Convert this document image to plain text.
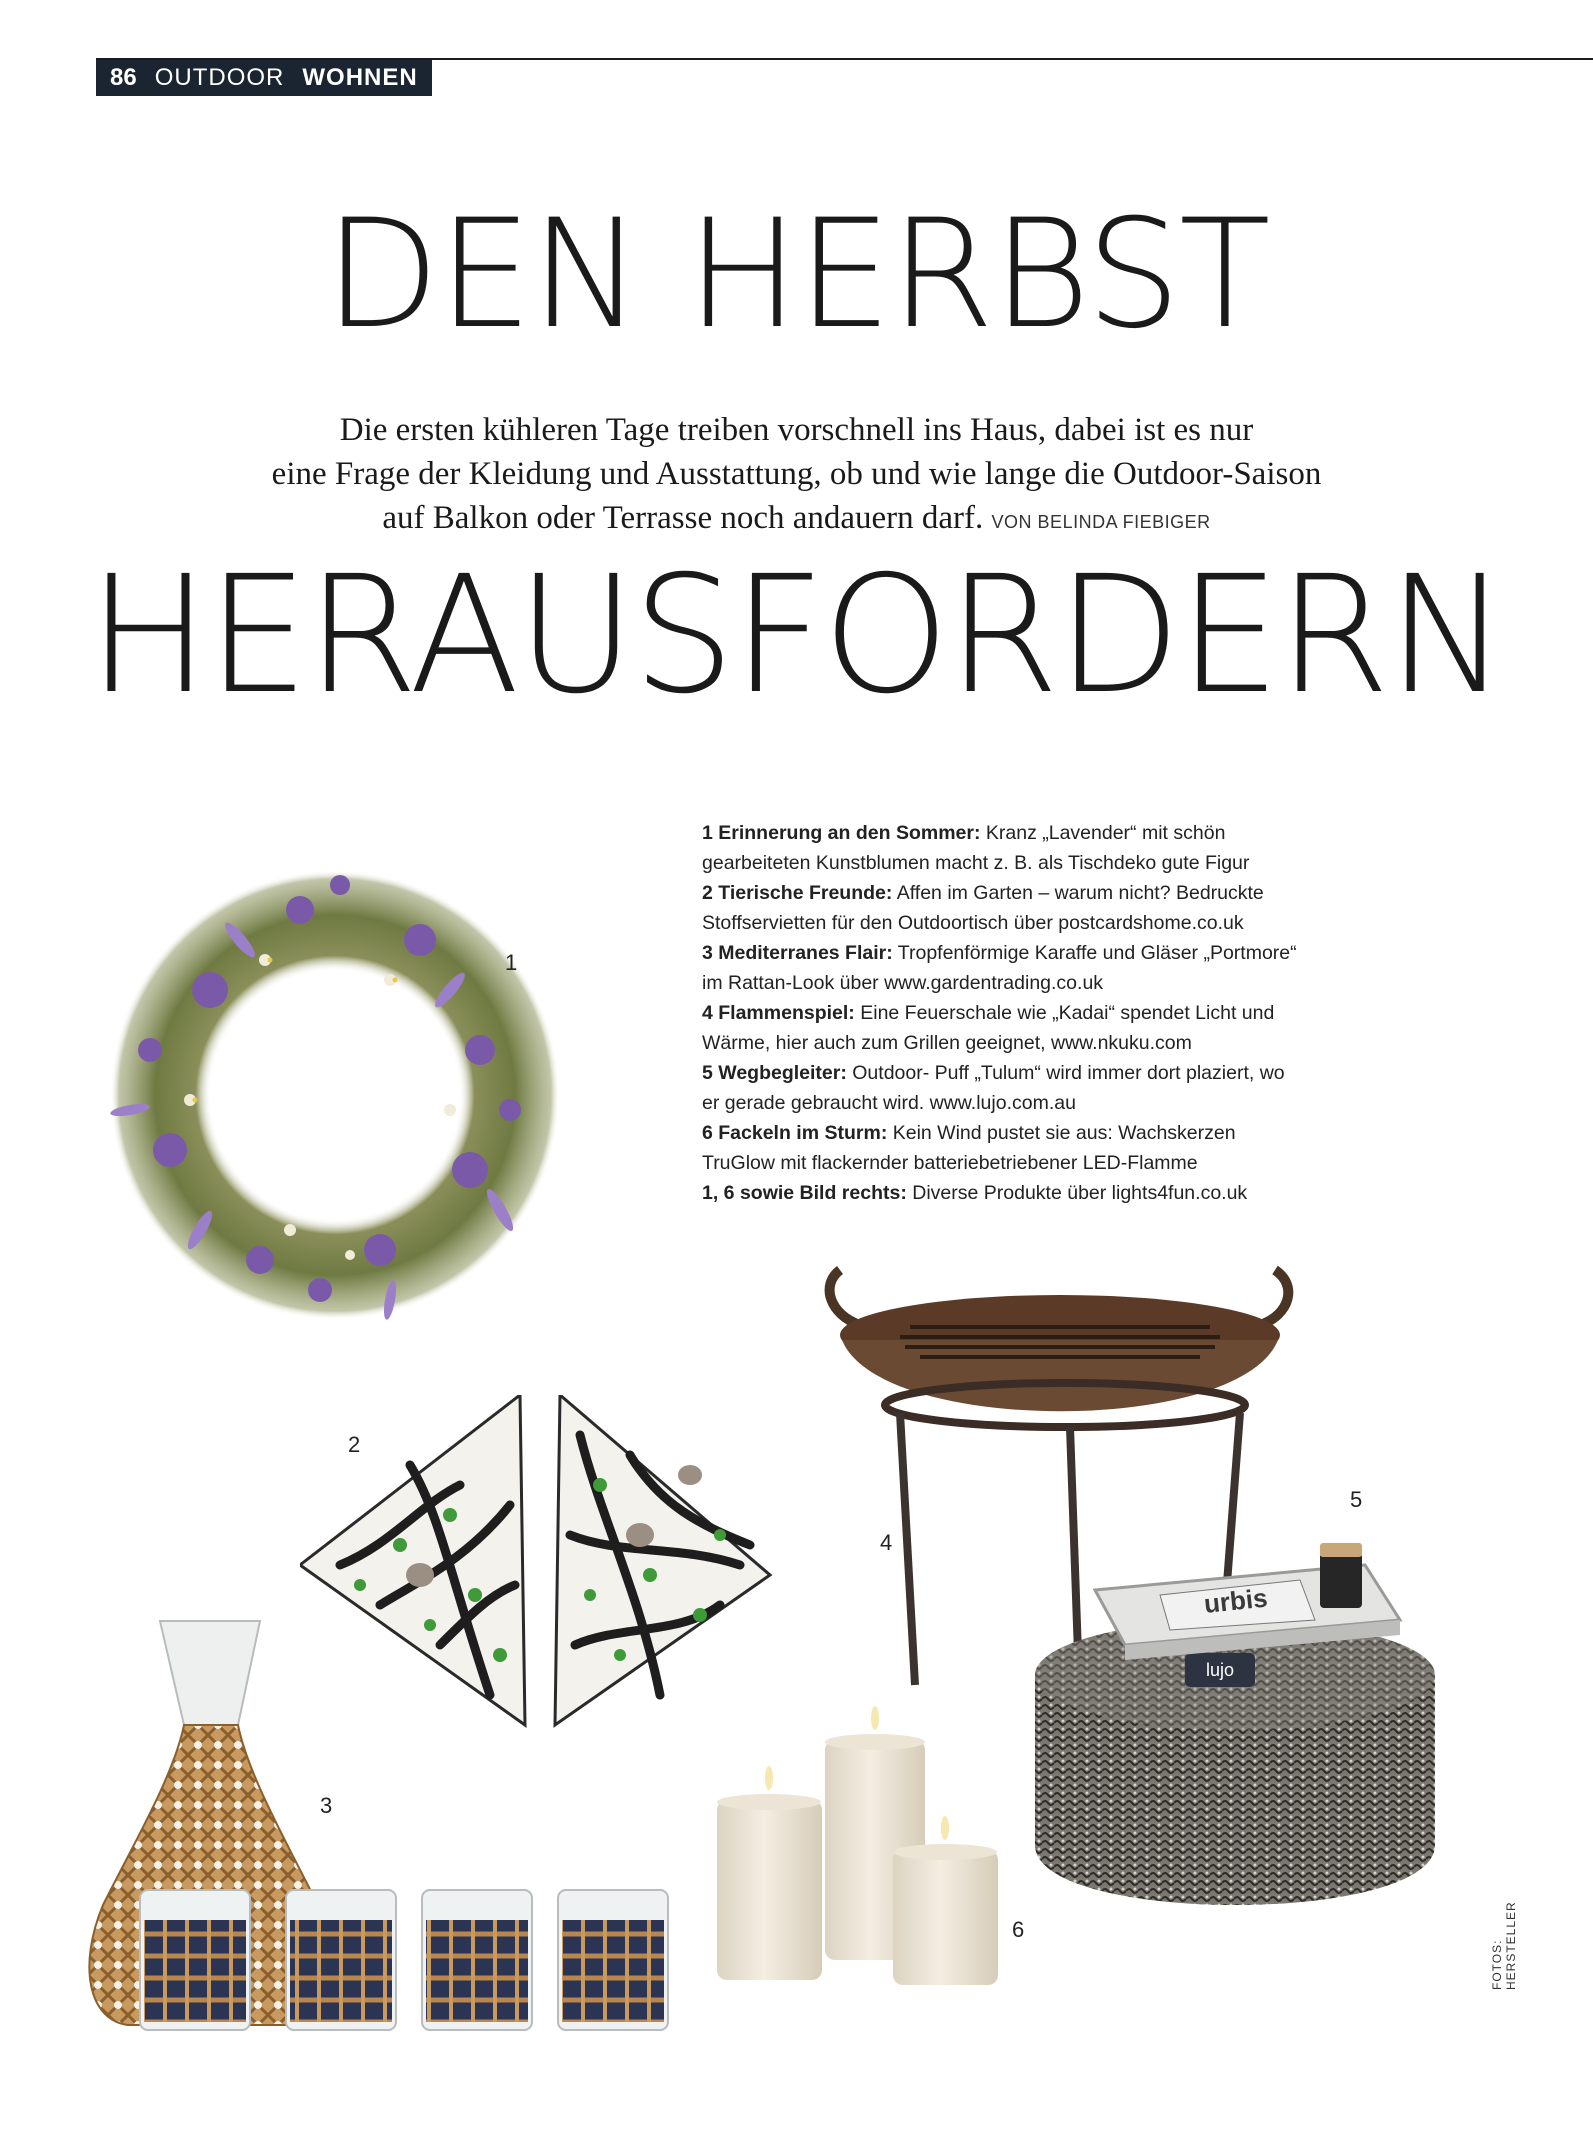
86 OUTDOOR WOHNEN
DEN HERBST
Die ersten kühleren Tage treiben vorschnell ins Haus, dabei ist es nur
eine Frage der Kleidung und Ausstattung, ob und wie lange die Outdoor-Saison
auf Balkon oder Terrasse noch andauern darf. VON BELINDA FIEBIGER
HERAUSFORDERN

1 Erinnerung an den Sommer: Kranz „Lavender“ mit schön gearbeiteten Kunstblumen macht z. B. als Tischdeko gute Figur

2 Tierische Freunde: Affen im Garten – warum nicht? Bedruckte Stoffservietten für den Outdoortisch über postcardshome.co.uk

3 Mediterranes Flair: Tropfenförmige Karaffe und Gläser „Portmore“ im Rattan-Look über www.gardentrading.co.uk

4 Flammenspiel: Eine Feuerschale wie „Kadai“ spendet Licht und Wärme, hier auch zum Grillen geeignet, www.nkuku.com

5 Wegbegleiter: Outdoor- Puff „Tulum“ wird immer dort plaziert, wo er gerade gebraucht wird. www.lujo.com.au

6 Fackeln im Sturm: Kein Wind pustet sie aus: Wachskerzen TruGlow mit flackernder batteriebetriebener LED-Flamme

1, 6 sowie Bild rechts: Diverse Produkte über lights4fun.co.uk

1
2
3
4
lujo
urbis
5
6
FOTOS: HERSTELLER
